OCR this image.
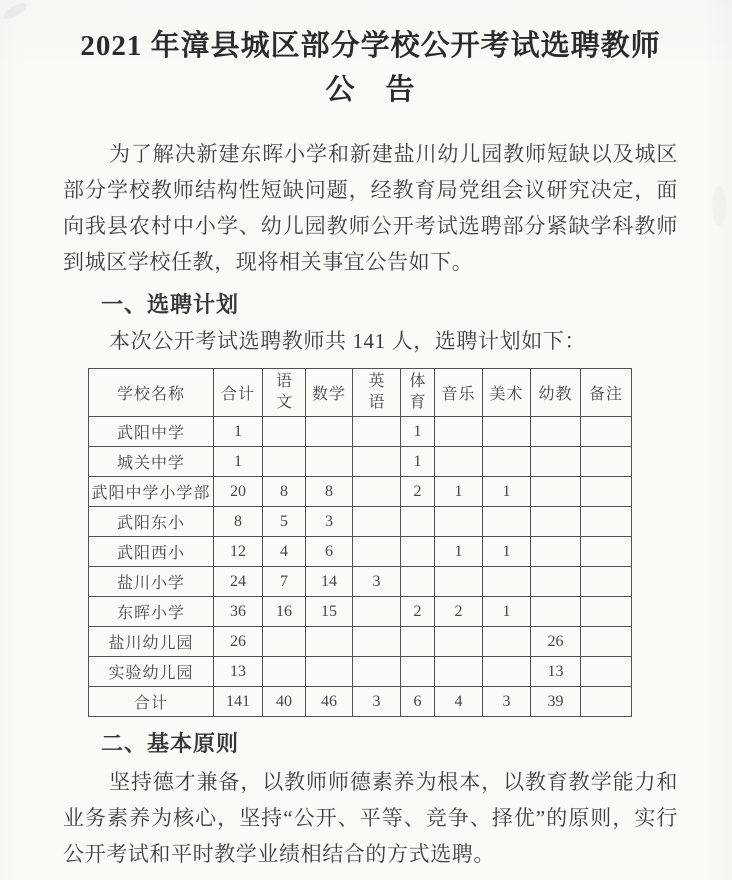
2021 年漳县城区部分学校公开考试选聘教师
公　告

为了解决新建东晖小学和新建盐川幼儿园教师短缺以及城区部分学校教师结构性短缺问题，经教育局党组会议研究决定，面向我县农村中小学、幼儿园教师公开考试选聘部分紧缺学科教师到城区学校任教，现将相关事宜公告如下。

一、选聘计划

本次公开考试选聘教师共 141 人，选聘计划如下：

学校名称	合计	语文	数学	英语	体育	音乐	美术	幼教	备注
武阳中学	1				1				
城关中学	1				1				
武阳中学小学部	20	8	8		2	1	1		
武阳东小	8	5	3						
武阳西小	12	4	6			1	1		
盐川小学	24	7	14	3					
东晖小学	36	16	15		2	2	1		
盐川幼儿园	26							26	
实验幼儿园	13							13	
合计	141	40	46	3	6	4	3	39	
二、基本原则

坚持德才兼备，以教师师德素养为根本，以教育教学能力和业务素养为核心，坚持“公开、平等、竞争、择优”的原则，实行公开考试和平时教学业绩相结合的方式选聘。
